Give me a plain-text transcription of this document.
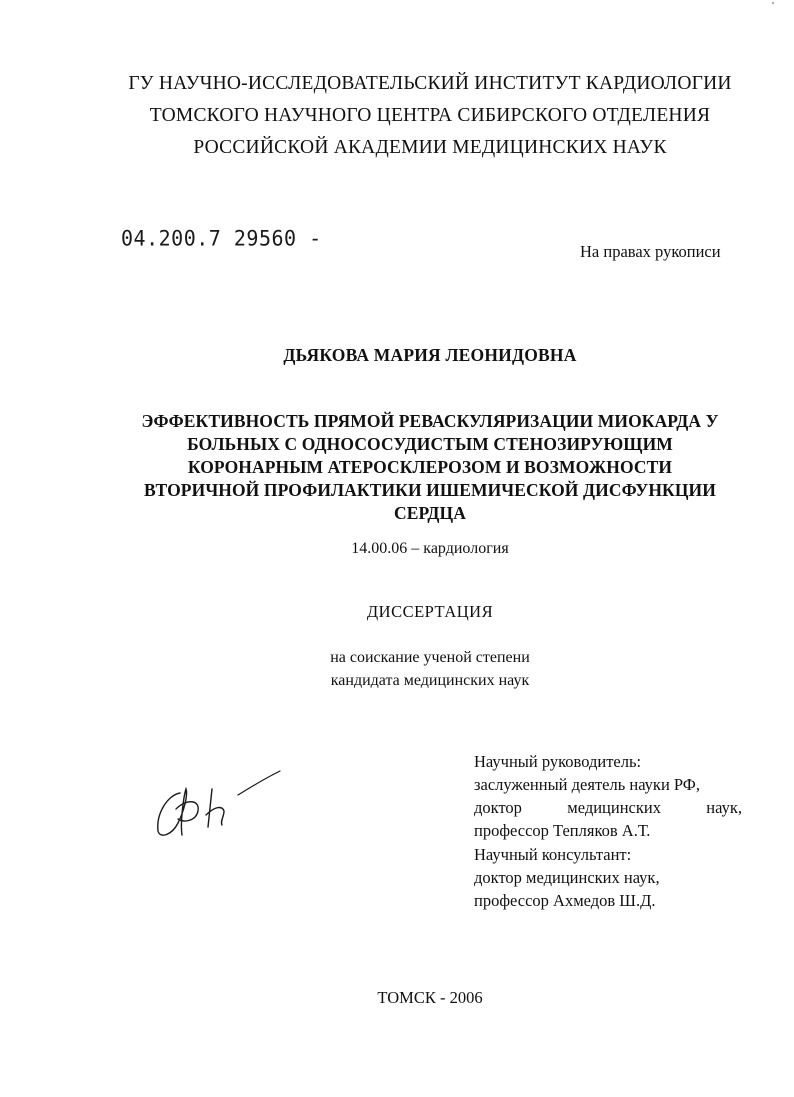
'
ГУ НАУЧНО-ИССЛЕДОВАТЕЛЬСКИЙ ИНСТИТУТ КАРДИОЛОГИИ
ТОМСКОГО НАУЧНОГО ЦЕНТРА СИБИРСКОГО ОТДЕЛЕНИЯ
РОССИЙСКОЙ АКАДЕМИИ МЕДИЦИНСКИХ НАУК
04.200.7 29560 -
На правах рукописи
ДЬЯКОВА МАРИЯ ЛЕОНИДОВНА
ЭФФЕКТИВНОСТЬ ПРЯМОЙ РЕВАСКУЛЯРИЗАЦИИ МИОКАРДА У
БОЛЬНЫХ С ОДНОСОСУДИСТЫМ СТЕНОЗИРУЮЩИМ
КОРОНАРНЫМ АТЕРОСКЛЕРОЗОМ И ВОЗМОЖНОСТИ
ВТОРИЧНОЙ ПРОФИЛАКТИКИ ИШЕМИЧЕСКОЙ ДИСФУНКЦИИ
СЕРДЦА
14.00.06 – кардиология
ДИССЕРТАЦИЯ
на соискание ученой степени
кандидата медицинских наук
Научный руководитель:
заслуженный деятель науки РФ,
доктор	медицинских	наук,
профессор Тепляков А.Т.
Научный консультант:
доктор медицинских наук,
профессор Ахмедов Ш.Д.
ТОМСК - 2006
